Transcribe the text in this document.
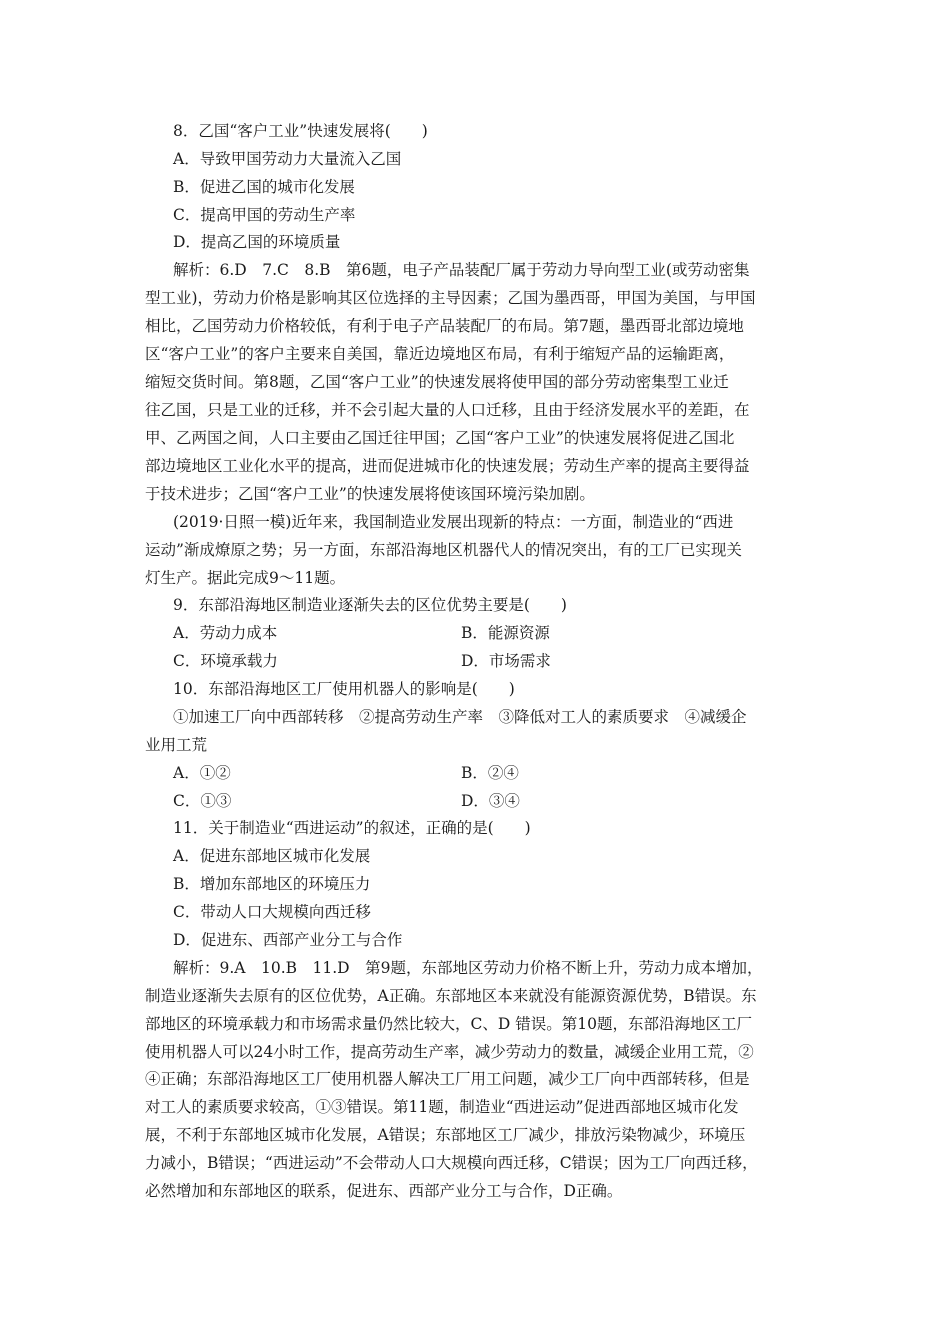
8．乙国“客户工业”快速发展将(　　)
A．导致甲国劳动力大量流入乙国
B．促进乙国的城市化发展
C．提高甲国的劳动生产率
D．提高乙国的环境质量
解析：6.D　7.C　8.B　第6题，电子产品装配厂属于劳动力导向型工业(或劳动密集
型工业)，劳动力价格是影响其区位选择的主导因素；乙国为墨西哥，甲国为美国，与甲国
相比，乙国劳动力价格较低，有利于电子产品装配厂的布局。第7题，墨西哥北部边境地
区“客户工业”的客户主要来自美国，靠近边境地区布局，有利于缩短产品的运输距离，
缩短交货时间。第8题，乙国“客户工业”的快速发展将使甲国的部分劳动密集型工业迁
往乙国，只是工业的迁移，并不会引起大量的人口迁移，且由于经济发展水平的差距，在
甲、乙两国之间，人口主要由乙国迁往甲国；乙国“客户工业”的快速发展将促进乙国北
部边境地区工业化水平的提高，进而促进城市化的快速发展；劳动生产率的提高主要得益
于技术进步；乙国“客户工业”的快速发展将使该国环境污染加剧。
(2019·日照一模)近年来，我国制造业发展出现新的特点：一方面，制造业的“西进
运动”渐成燎原之势；另一方面，东部沿海地区机器代人的情况突出，有的工厂已实现关
灯生产。据此完成9～11题。
9．东部沿海地区制造业逐渐失去的区位优势主要是(　　)
A．劳动力成本	B．能源资源
C．环境承载力	D．市场需求
10．东部沿海地区工厂使用机器人的影响是(　　)
①加速工厂向中西部转移　②提高劳动生产率　③降低对工人的素质要求　④减缓企
业用工荒
A．①②	B．②④
C．①③	D．③④
11．关于制造业“西进运动”的叙述，正确的是(　　)
A．促进东部地区城市化发展
B．增加东部地区的环境压力
C．带动人口大规模向西迁移
D．促进东、西部产业分工与合作
解析：9.A　10.B　11.D　第9题，东部地区劳动力价格不断上升，劳动力成本增加，
制造业逐渐失去原有的区位优势，A正确。东部地区本来就没有能源资源优势，B错误。东
部地区的环境承载力和市场需求量仍然比较大，C、D 错误。第10题，东部沿海地区工厂
使用机器人可以24小时工作，提高劳动生产率，减少劳动力的数量，减缓企业用工荒，②
④正确；东部沿海地区工厂使用机器人解决工厂用工问题，减少工厂向中西部转移，但是
对工人的素质要求较高，①③错误。第11题，制造业“西进运动”促进西部地区城市化发
展，不利于东部地区城市化发展，A错误；东部地区工厂减少，排放污染物减少，环境压
力减小，B错误；“西进运动”不会带动人口大规模向西迁移，C错误；因为工厂向西迁移，
必然增加和东部地区的联系，促进东、西部产业分工与合作，D正确。
